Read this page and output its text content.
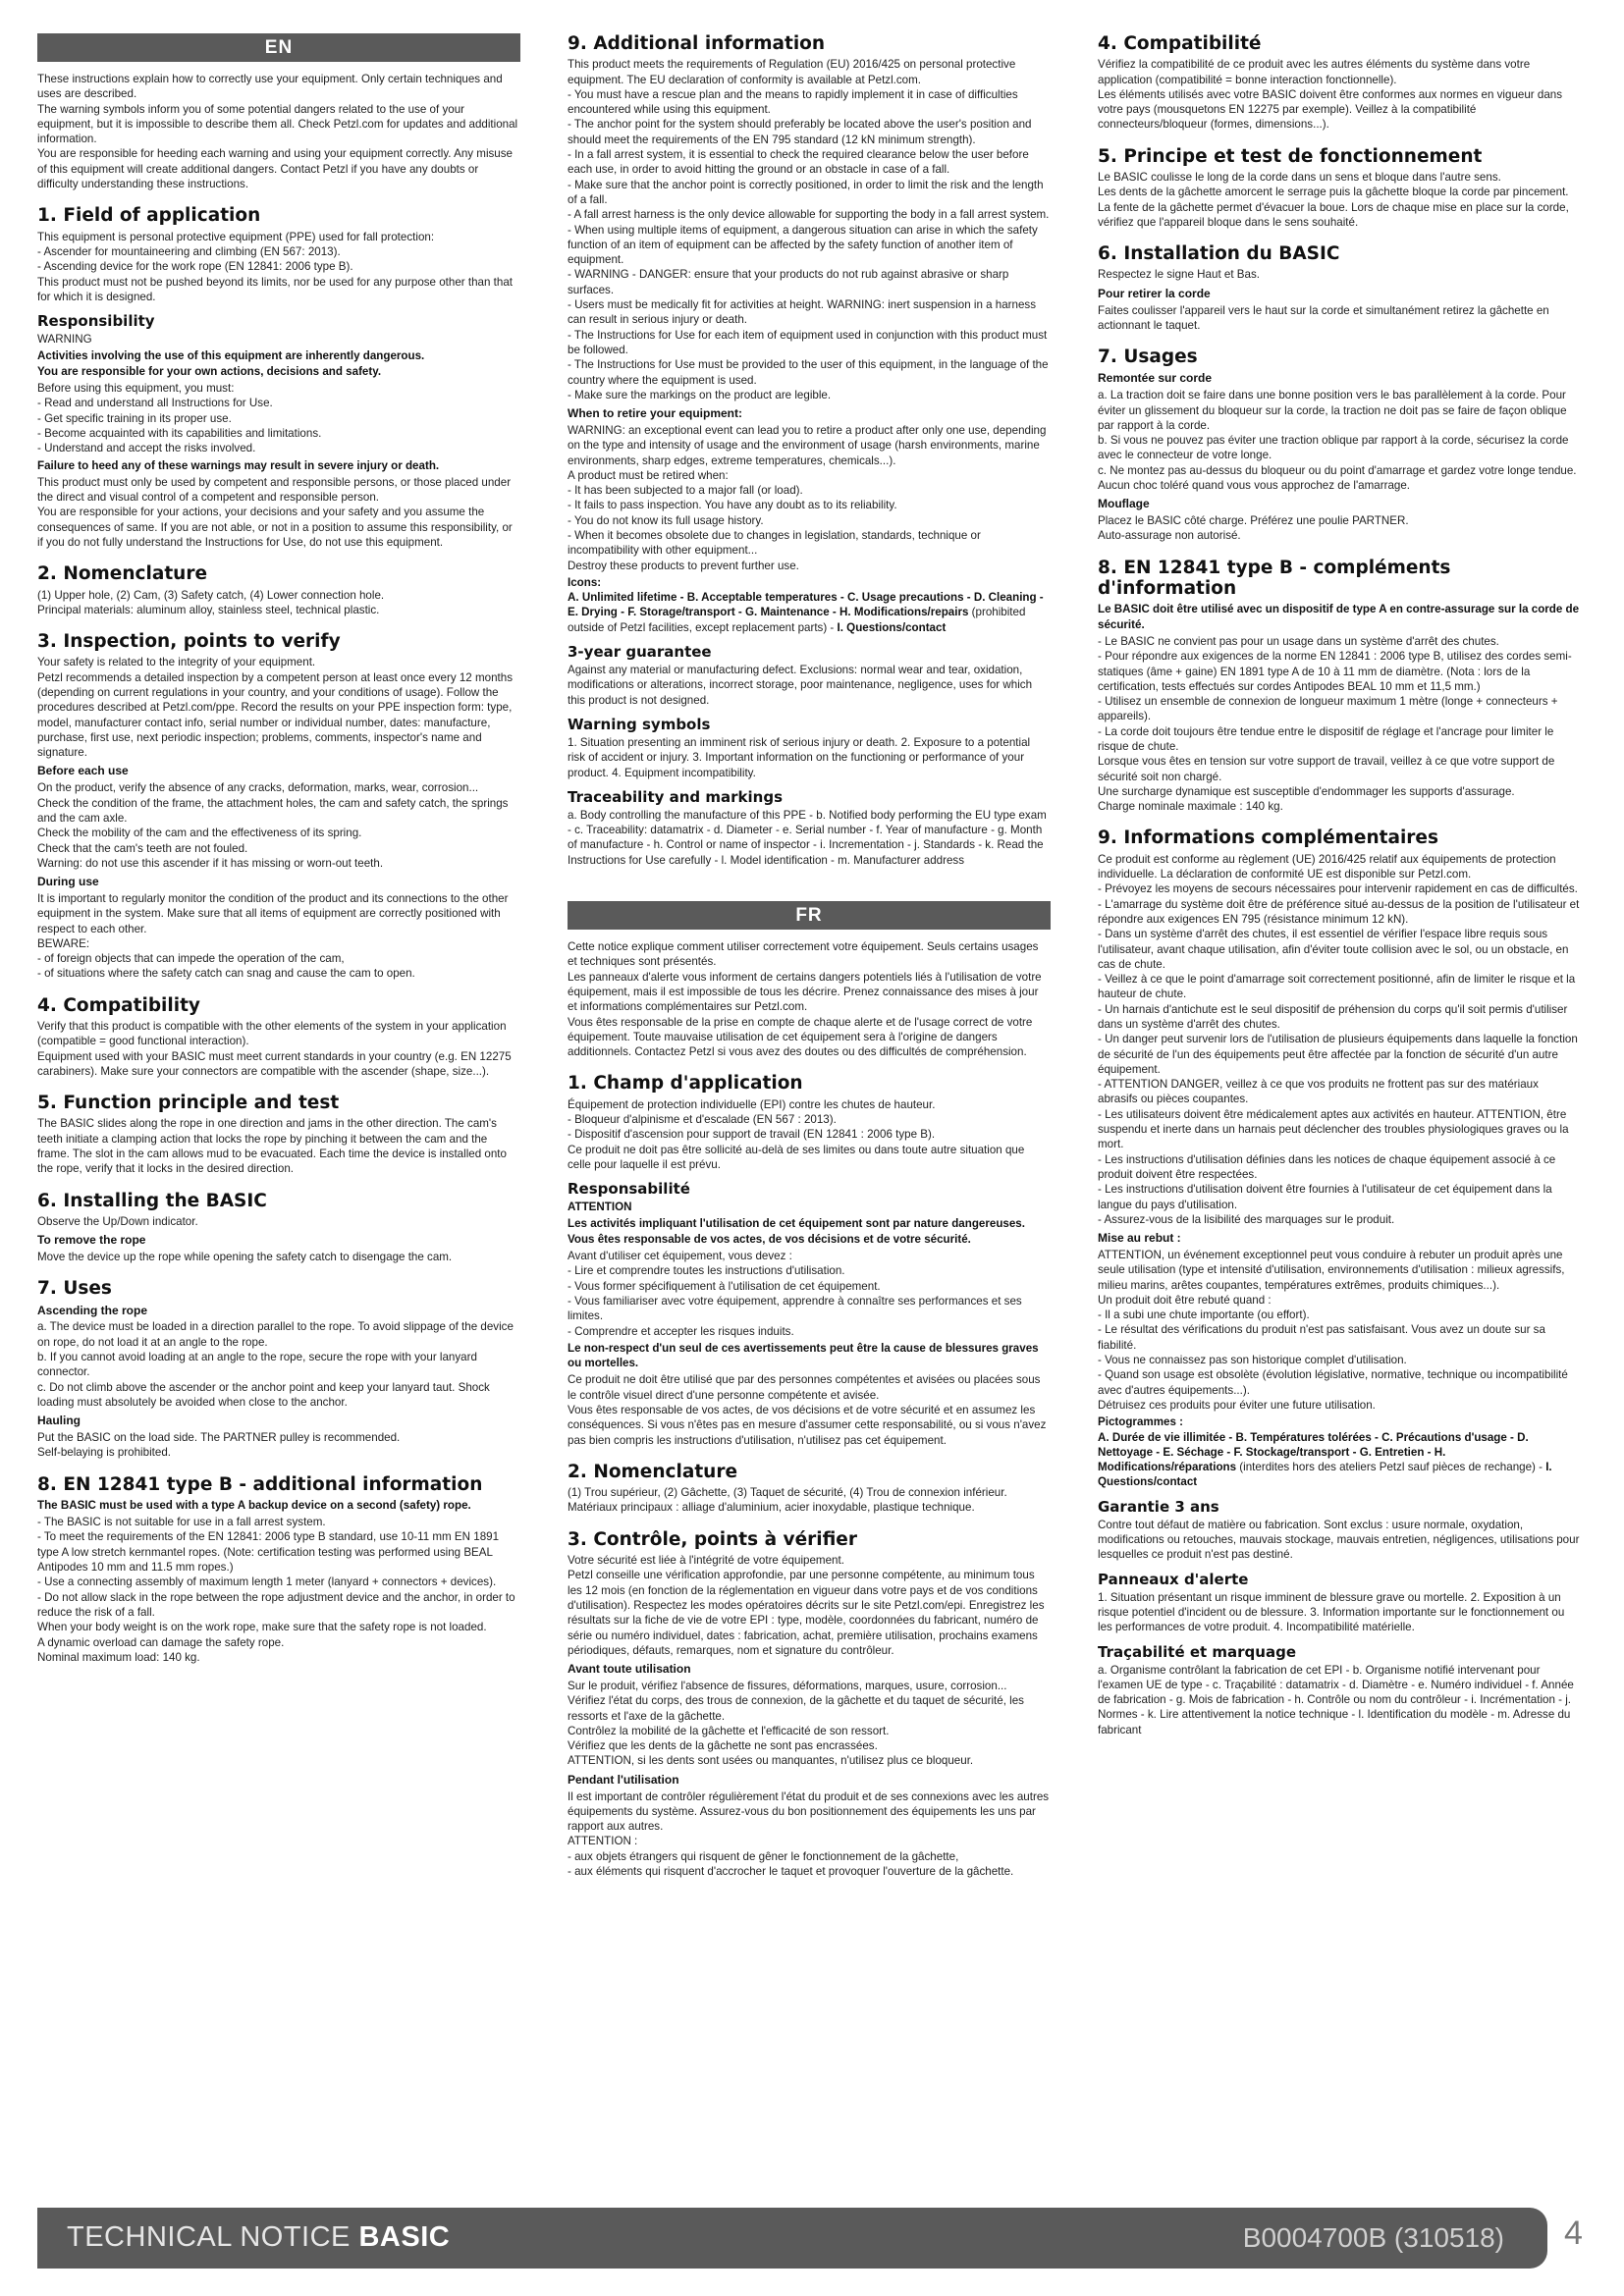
EN

These instructions explain how to correctly use your equipment. Only certain techniques and uses are described.
The warning symbols inform you of some potential dangers related to the use of your equipment, but it is impossible to describe them all. Check Petzl.com for updates and additional information.
You are responsible for heeding each warning and using your equipment correctly. Any misuse of this equipment will create additional dangers. Contact Petzl if you have any doubts or difficulty understanding these instructions.

1. Field of application

This equipment is personal protective equipment (PPE) used for fall protection:
- Ascender for mountaineering and climbing (EN 567: 2013).
- Ascending device for the work rope (EN 12841: 2006 type B).
This product must not be pushed beyond its limits, nor be used for any purpose other than that for which it is designed.

Responsibility

WARNING

Activities involving the use of this equipment are inherently dangerous.
You are responsible for your own actions, decisions and safety.

Before using this equipment, you must:
- Read and understand all Instructions for Use.
- Get specific training in its proper use.
- Become acquainted with its capabilities and limitations.
- Understand and accept the risks involved.

Failure to heed any of these warnings may result in severe injury or death.

This product must only be used by competent and responsible persons, or those placed under the direct and visual control of a competent and responsible person.
You are responsible for your actions, your decisions and your safety and you assume the consequences of same. If you are not able, or not in a position to assume this responsibility, or if you do not fully understand the Instructions for Use, do not use this equipment.

2. Nomenclature

(1) Upper hole, (2) Cam, (3) Safety catch, (4) Lower connection hole.
Principal materials: aluminum alloy, stainless steel, technical plastic.

3. Inspection, points to verify

Your safety is related to the integrity of your equipment.
Petzl recommends a detailed inspection by a competent person at least once every 12 months (depending on current regulations in your country, and your conditions of usage). Follow the procedures described at Petzl.com/ppe. Record the results on your PPE inspection form: type, model, manufacturer contact info, serial number or individual number, dates: manufacture, purchase, first use, next periodic inspection; problems, comments, inspector's name and signature.

Before each use

On the product, verify the absence of any cracks, deformation, marks, wear, corrosion...
Check the condition of the frame, the attachment holes, the cam and safety catch, the springs and the cam axle.
Check the mobility of the cam and the effectiveness of its spring.
Check that the cam's teeth are not fouled.
Warning: do not use this ascender if it has missing or worn-out teeth.

During use

It is important to regularly monitor the condition of the product and its connections to the other equipment in the system. Make sure that all items of equipment are correctly positioned with respect to each other.
BEWARE:
- of foreign objects that can impede the operation of the cam,
- of situations where the safety catch can snag and cause the cam to open.

4. Compatibility

Verify that this product is compatible with the other elements of the system in your application (compatible = good functional interaction).
Equipment used with your BASIC must meet current standards in your country (e.g. EN 12275 carabiners). Make sure your connectors are compatible with the ascender (shape, size...).

5. Function principle and test

The BASIC slides along the rope in one direction and jams in the other direction. The cam's teeth initiate a clamping action that locks the rope by pinching it between the cam and the frame. The slot in the cam allows mud to be evacuated. Each time the device is installed onto the rope, verify that it locks in the desired direction.

6. Installing the BASIC

Observe the Up/Down indicator.

To remove the rope

Move the device up the rope while opening the safety catch to disengage the cam.

7. Uses
Ascending the rope

a. The device must be loaded in a direction parallel to the rope. To avoid slippage of the device on rope, do not load it at an angle to the rope.
b. If you cannot avoid loading at an angle to the rope, secure the rope with your lanyard connector.
c. Do not climb above the ascender or the anchor point and keep your lanyard taut. Shock loading must absolutely be avoided when close to the anchor.

Hauling

Put the BASIC on the load side. The PARTNER pulley is recommended.
Self-belaying is prohibited.

8. EN 12841 type B - additional information

The BASIC must be used with a type A backup device on a second (safety) rope.

- The BASIC is not suitable for use in a fall arrest system.
- To meet the requirements of the EN 12841: 2006 type B standard, use 10-11 mm EN 1891 type A low stretch kernmantel ropes. (Note: certification testing was performed using BEAL Antipodes 10 mm and 11.5 mm ropes.)
- Use a connecting assembly of maximum length 1 meter (lanyard + connectors + devices).
- Do not allow slack in the rope between the rope adjustment device and the anchor, in order to reduce the risk of a fall.
When your body weight is on the work rope, make sure that the safety rope is not loaded.
A dynamic overload can damage the safety rope.
Nominal maximum load: 140 kg.

9. Additional information

This product meets the requirements of Regulation (EU) 2016/425 on personal protective equipment. The EU declaration of conformity is available at Petzl.com.
- You must have a rescue plan and the means to rapidly implement it in case of difficulties encountered while using this equipment.
- The anchor point for the system should preferably be located above the user's position and should meet the requirements of the EN 795 standard (12 kN minimum strength).
- In a fall arrest system, it is essential to check the required clearance below the user before each use, in order to avoid hitting the ground or an obstacle in case of a fall.
- Make sure that the anchor point is correctly positioned, in order to limit the risk and the length of a fall.
- A fall arrest harness is the only device allowable for supporting the body in a fall arrest system.
- When using multiple items of equipment, a dangerous situation can arise in which the safety function of an item of equipment can be affected by the safety function of another item of equipment.
- WARNING - DANGER: ensure that your products do not rub against abrasive or sharp surfaces.
- Users must be medically fit for activities at height. WARNING: inert suspension in a harness can result in serious injury or death.
- The Instructions for Use for each item of equipment used in conjunction with this product must be followed.
- The Instructions for Use must be provided to the user of this equipment, in the language of the country where the equipment is used.
- Make sure the markings on the product are legible.

When to retire your equipment:

WARNING: an exceptional event can lead you to retire a product after only one use, depending on the type and intensity of usage and the environment of usage (harsh environments, marine environments, sharp edges, extreme temperatures, chemicals...).
A product must be retired when:
- It has been subjected to a major fall (or load).
- It fails to pass inspection. You have any doubt as to its reliability.
- You do not know its full usage history.
- When it becomes obsolete due to changes in legislation, standards, technique or incompatibility with other equipment...
Destroy these products to prevent further use.

Icons:
A. Unlimited lifetime - B. Acceptable temperatures - C. Usage precautions - D. Cleaning - E. Drying - F. Storage/transport - G. Maintenance - H. Modifications/repairs (prohibited outside of Petzl facilities, except replacement parts) - I. Questions/contact

3-year guarantee

Against any material or manufacturing defect. Exclusions: normal wear and tear, oxidation, modifications or alterations, incorrect storage, poor maintenance, negligence, uses for which this product is not designed.

Warning symbols

1. Situation presenting an imminent risk of serious injury or death. 2. Exposure to a potential risk of accident or injury. 3. Important information on the functioning or performance of your product. 4. Equipment incompatibility.

Traceability and markings

a. Body controlling the manufacture of this PPE - b. Notified body performing the EU type exam - c. Traceability: datamatrix - d. Diameter - e. Serial number - f. Year of manufacture - g. Month of manufacture - h. Control or name of inspector - i. Incrementation - j. Standards - k. Read the Instructions for Use carefully - l. Model identification - m. Manufacturer address

FR

Cette notice explique comment utiliser correctement votre équipement. Seuls certains usages et techniques sont présentés.
Les panneaux d'alerte vous informent de certains dangers potentiels liés à l'utilisation de votre équipement, mais il est impossible de tous les décrire. Prenez connaissance des mises à jour et informations complémentaires sur Petzl.com.
Vous êtes responsable de la prise en compte de chaque alerte et de l'usage correct de votre équipement. Toute mauvaise utilisation de cet équipement sera à l'origine de dangers additionnels. Contactez Petzl si vous avez des doutes ou des difficultés de compréhension.

1. Champ d'application

Équipement de protection individuelle (EPI) contre les chutes de hauteur.
- Bloqueur d'alpinisme et d'escalade (EN 567 : 2013).
- Dispositif d'ascension pour support de travail (EN 12841 : 2006 type B).
Ce produit ne doit pas être sollicité au-delà de ses limites ou dans toute autre situation que celle pour laquelle il est prévu.

Responsabilité

ATTENTION

Les activités impliquant l'utilisation de cet équipement sont par nature dangereuses.
Vous êtes responsable de vos actes, de vos décisions et de votre sécurité.

Avant d'utiliser cet équipement, vous devez :
- Lire et comprendre toutes les instructions d'utilisation.
- Vous former spécifiquement à l'utilisation de cet équipement.
- Vous familiariser avec votre équipement, apprendre à connaître ses performances et ses limites.
- Comprendre et accepter les risques induits.

Le non-respect d'un seul de ces avertissements peut être la cause de blessures graves ou mortelles.

Ce produit ne doit être utilisé que par des personnes compétentes et avisées ou placées sous le contrôle visuel direct d'une personne compétente et avisée.
Vous êtes responsable de vos actes, de vos décisions et de votre sécurité et en assumez les conséquences. Si vous n'êtes pas en mesure d'assumer cette responsabilité, ou si vous n'avez pas bien compris les instructions d'utilisation, n'utilisez pas cet équipement.

2. Nomenclature

(1) Trou supérieur, (2) Gâchette, (3) Taquet de sécurité, (4) Trou de connexion inférieur.
Matériaux principaux : alliage d'aluminium, acier inoxydable, plastique technique.

3. Contrôle, points à vérifier

Votre sécurité est liée à l'intégrité de votre équipement.
Petzl conseille une vérification approfondie, par une personne compétente, au minimum tous les 12 mois (en fonction de la réglementation en vigueur dans votre pays et de vos conditions d'utilisation). Respectez les modes opératoires décrits sur le site Petzl.com/epi. Enregistrez les résultats sur la fiche de vie de votre EPI : type, modèle, coordonnées du fabricant, numéro de série ou numéro individuel, dates : fabrication, achat, première utilisation, prochains examens périodiques, défauts, remarques, nom et signature du contrôleur.

Avant toute utilisation

Sur le produit, vérifiez l'absence de fissures, déformations, marques, usure, corrosion...
Vérifiez l'état du corps, des trous de connexion, de la gâchette et du taquet de sécurité, les ressorts et l'axe de la gâchette.
Contrôlez la mobilité de la gâchette et l'efficacité de son ressort.
Vérifiez que les dents de la gâchette ne sont pas encrassées.
ATTENTION, si les dents sont usées ou manquantes, n'utilisez plus ce bloqueur.

Pendant l'utilisation

Il est important de contrôler régulièrement l'état du produit et de ses connexions avec les autres équipements du système. Assurez-vous du bon positionnement des équipements les uns par rapport aux autres.
ATTENTION :
- aux objets étrangers qui risquent de gêner le fonctionnement de la gâchette,
- aux éléments qui risquent d'accrocher le taquet et provoquer l'ouverture de la gâchette.

4. Compatibilité

Vérifiez la compatibilité de ce produit avec les autres éléments du système dans votre application (compatibilité = bonne interaction fonctionnelle).
Les éléments utilisés avec votre BASIC doivent être conformes aux normes en vigueur dans votre pays (mousquetons EN 12275 par exemple). Veillez à la compatibilité connecteurs/bloqueur (formes, dimensions...).

5. Principe et test de fonctionnement

Le BASIC coulisse le long de la corde dans un sens et bloque dans l'autre sens.
Les dents de la gâchette amorcent le serrage puis la gâchette bloque la corde par pincement. La fente de la gâchette permet d'évacuer la boue. Lors de chaque mise en place sur la corde, vérifiez que l'appareil bloque dans le sens souhaité.

6. Installation du BASIC

Respectez le signe Haut et Bas.

Pour retirer la corde

Faites coulisser l'appareil vers le haut sur la corde et simultanément retirez la gâchette en actionnant le taquet.

7. Usages
Remontée sur corde

a. La traction doit se faire dans une bonne position vers le bas parallèlement à la corde. Pour éviter un glissement du bloqueur sur la corde, la traction ne doit pas se faire de façon oblique par rapport à la corde.
b. Si vous ne pouvez pas éviter une traction oblique par rapport à la corde, sécurisez la corde avec le connecteur de votre longe.
c. Ne montez pas au-dessus du bloqueur ou du point d'amarrage et gardez votre longe tendue.
Aucun choc toléré quand vous vous approchez de l'amarrage.

Mouflage

Placez le BASIC côté charge. Préférez une poulie PARTNER.
Auto-assurage non autorisé.

8. EN 12841 type B - compléments d'information

Le BASIC doit être utilisé avec un dispositif de type A en contre-assurage sur la corde de sécurité.

- Le BASIC ne convient pas pour un usage dans un système d'arrêt des chutes.
- Pour répondre aux exigences de la norme EN 12841 : 2006 type B, utilisez des cordes semi-statiques (âme + gaine) EN 1891 type A de 10 à 11 mm de diamètre. (Nota : lors de la certification, tests effectués sur cordes Antipodes BEAL 10 mm et 11,5 mm.)
- Utilisez un ensemble de connexion de longueur maximum 1 mètre (longe + connecteurs + appareils).
- La corde doit toujours être tendue entre le dispositif de réglage et l'ancrage pour limiter le risque de chute.
Lorsque vous êtes en tension sur votre support de travail, veillez à ce que votre support de sécurité soit non chargé.
Une surcharge dynamique est susceptible d'endommager les supports d'assurage.
Charge nominale maximale : 140 kg.

9. Informations complémentaires

Ce produit est conforme au règlement (UE) 2016/425 relatif aux équipements de protection individuelle. La déclaration de conformité UE est disponible sur Petzl.com.
- Prévoyez les moyens de secours nécessaires pour intervenir rapidement en cas de difficultés.
- L'amarrage du système doit être de préférence situé au-dessus de la position de l'utilisateur et répondre aux exigences EN 795 (résistance minimum 12 kN).
- Dans un système d'arrêt des chutes, il est essentiel de vérifier l'espace libre requis sous l'utilisateur, avant chaque utilisation, afin d'éviter toute collision avec le sol, ou un obstacle, en cas de chute.
- Veillez à ce que le point d'amarrage soit correctement positionné, afin de limiter le risque et la hauteur de chute.
- Un harnais d'antichute est le seul dispositif de préhension du corps qu'il soit permis d'utiliser dans un système d'arrêt des chutes.
- Un danger peut survenir lors de l'utilisation de plusieurs équipements dans laquelle la fonction de sécurité de l'un des équipements peut être affectée par la fonction de sécurité d'un autre équipement.
- ATTENTION DANGER, veillez à ce que vos produits ne frottent pas sur des matériaux abrasifs ou pièces coupantes.
- Les utilisateurs doivent être médicalement aptes aux activités en hauteur. ATTENTION, être suspendu et inerte dans un harnais peut déclencher des troubles physiologiques graves ou la mort.
- Les instructions d'utilisation définies dans les notices de chaque équipement associé à ce produit doivent être respectées.
- Les instructions d'utilisation doivent être fournies à l'utilisateur de cet équipement dans la langue du pays d'utilisation.
- Assurez-vous de la lisibilité des marquages sur le produit.

Mise au rebut :

ATTENTION, un événement exceptionnel peut vous conduire à rebuter un produit après une seule utilisation (type et intensité d'utilisation, environnements d'utilisation : milieux agressifs, milieu marins, arêtes coupantes, températures extrêmes, produits chimiques...).
Un produit doit être rebuté quand :
- Il a subi une chute importante (ou effort).
- Le résultat des vérifications du produit n'est pas satisfaisant. Vous avez un doute sur sa fiabilité.
- Vous ne connaissez pas son historique complet d'utilisation.
- Quand son usage est obsolète (évolution législative, normative, technique ou incompatibilité avec d'autres équipements...).
Détruisez ces produits pour éviter une future utilisation.

Pictogrammes :
A. Durée de vie illimitée - B. Températures tolérées - C. Précautions d'usage - D. Nettoyage - E. Séchage - F. Stockage/transport - G. Entretien - H. Modifications/réparations (interdites hors des ateliers Petzl sauf pièces de rechange) - I. Questions/contact

Garantie 3 ans

Contre tout défaut de matière ou fabrication. Sont exclus : usure normale, oxydation, modifications ou retouches, mauvais stockage, mauvais entretien, négligences, utilisations pour lesquelles ce produit n'est pas destiné.

Panneaux d'alerte

1. Situation présentant un risque imminent de blessure grave ou mortelle. 2. Exposition à un risque potentiel d'incident ou de blessure. 3. Information importante sur le fonctionnement ou les performances de votre produit. 4. Incompatibilité matérielle.

Traçabilité et marquage

a. Organisme contrôlant la fabrication de cet EPI - b. Organisme notifié intervenant pour l'examen UE de type - c. Traçabilité : datamatrix - d. Diamètre - e. Numéro individuel - f. Année de fabrication - g. Mois de fabrication - h. Contrôle ou nom du contrôleur - i. Incrémentation - j. Normes - k. Lire attentivement la notice technique - l. Identification du modèle - m. Adresse du fabricant

TECHNICAL NOTICE BASIC	B0004700B (310518) 4
